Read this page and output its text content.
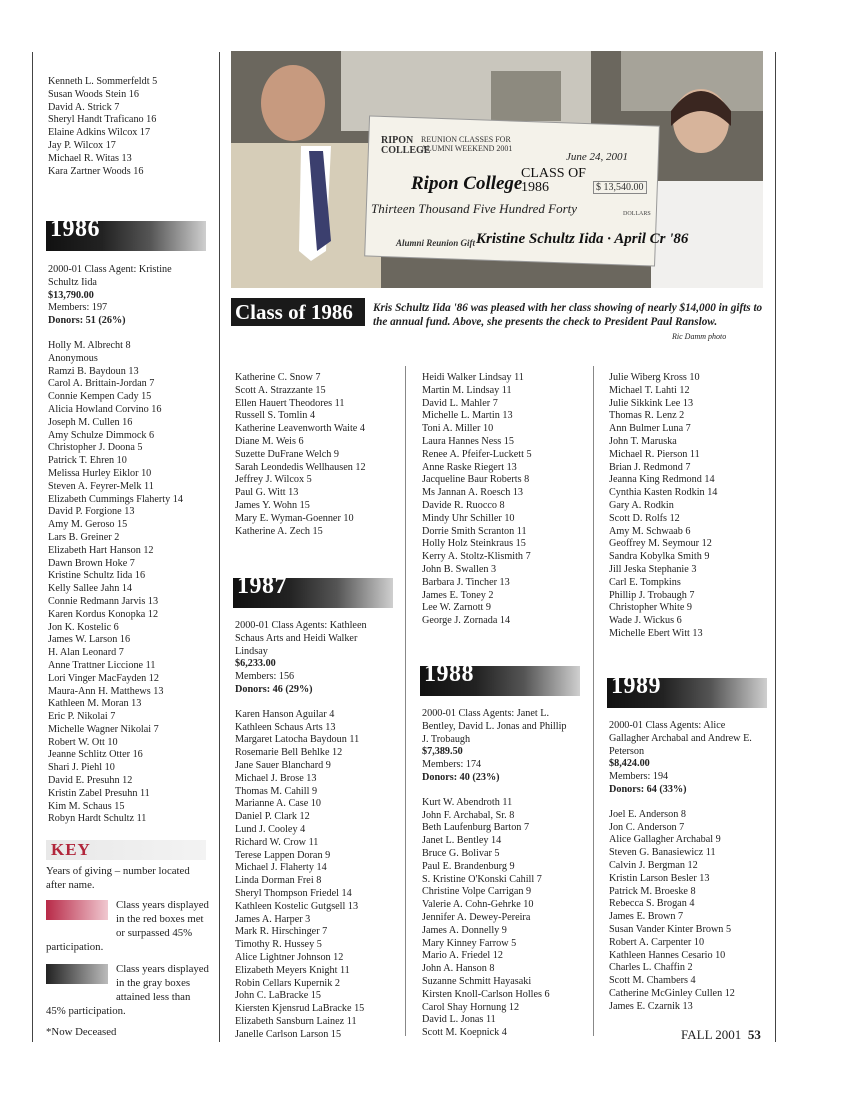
Kenneth L. Sommerfeldt 5
Susan Woods Stein 16
David A. Strick 7
Sheryl Handt Traficano 16
Elaine Adkins Wilcox 17
Jay P. Wilcox 17
Michael R. Witas 13
Kara Zartner Woods 16
1986
2000-01 Class Agent: Kristine Schultz Iida
$13,790.00
Members: 197
Donors: 51 (26%)
Holly M. Albrecht 8
Anonymous
Ramzi B. Baydoun 13
Carol A. Brittain-Jordan 7
Connie Kempen Cady 15
Alicia Howland Corvino 16
Joseph M. Cullen 16
Amy Schulze Dimmock 6
Christopher J. Doona 5
Patrick T. Ehren 10
Melissa Hurley Eiklor 10
Steven A. Feyrer-Melk 11
Elizabeth Cummings Flaherty 14
David P. Forgione 13
Amy M. Geroso 15
Lars B. Greiner 2
Elizabeth Hart Hanson 12
Dawn Brown Hoke 7
Kristine Schultz Iida 16
Kelly Sallee Jahn 14
Connie Redmann Jarvis 13
Karen Kordus Konopka 12
Jon K. Kostelic 6
James W. Larson 16
H. Alan Leonard 7
Anne Trattner Liccione 11
Lori Vinger MacFayden 12
Maura-Ann H. Matthews 13
Kathleen M. Moran 13
Eric P. Nikolai 7
Michelle Wagner Nikolai 7
Robert W. Ott 10
Jeanne Schlitz Otter 16
Shari J. Piehl 10
David E. Presuhn 12
Kristin Zabel Presuhn 11
Kim M. Schaus 15
Robyn Hardt Schultz 11
KEY
Years of giving – number located after name.
Class years displayed in the red boxes met or surpassed 45% participation.
Class years displayed in the gray boxes attained less than 45% participation.
*Now Deceased
RIPON COLLEGE
REUNION CLASSES FOR ALUMNI WEEKEND 2001
June 24, 2001
Ripon College
CLASS OF 1986	$ 13,540.00
Thirteen Thousand Five Hundred Forty	DOLLARS
Alumni Reunion Gift Kristine Schultz Iida · April Cr '86
Kris Schultz Iida '86 was pleased with her class showing of nearly $14,000 in gifts to the annual fund. Above, she presents the check to President Paul Ranslow.
Class of 1986
Ric Damm photo
Katherine C. Snow 7
Scott A. Strazzante 15
Ellen Hauert Theodores 11
Russell S. Tomlin 4
Katherine Leavenworth Waite 4
Diane M. Weis 6
Suzette DuFrane Welch 9
Sarah Leondedis Wellhausen 12
Jeffrey J. Wilcox 5
Paul G. Witt 13
James Y. Wohn 15
Mary E. Wyman-Goenner 10
Katherine A. Zech 15
1987
2000-01 Class Agents: Kathleen Schaus Arts and Heidi Walker Lindsay
$6,233.00
Members: 156
Donors: 46 (29%)
Karen Hanson Aguilar 4
Kathleen Schaus Arts 13
Margaret Latocha Baydoun 11
Rosemarie Bell Behlke 12
Jane Sauer Blanchard 9
Michael J. Brose 13
Thomas M. Cahill 9
Marianne A. Case 10
Daniel P. Clark 12
Lund J. Cooley 4
Richard W. Crow 11
Terese Lappen Doran 9
Michael J. Flaherty 14
Linda Dorman Frei 8
Sheryl Thompson Friedel 14
Kathleen Kostelic Gutgsell 13
James A. Harper 3
Mark R. Hirschinger 7
Timothy R. Hussey 5
Alice Lightner Johnson 12
Elizabeth Meyers Knight 11
Robin Cellars Kupernik 2
John C. LaBracke 15
Kiersten Kjensrud LaBracke 15
Elizabeth Sansburn Lainez 11
Janelle Carlson Larson 15
Heidi Walker Lindsay 11
Martin M. Lindsay 11
David L. Mahler 7
Michelle L. Martin 13
Toni A. Miller 10
Laura Hannes Ness 15
Renee A. Pfeifer-Luckett 5
Anne Raske Riegert 13
Jacqueline Baur Roberts 8
Ms Jannan A. Roesch 13
Davide R. Ruocco 8
Mindy Uhr Schiller 10
Dorrie Smith Scranton 11
Holly Holz Steinkraus 15
Kerry A. Stoltz-Klismith 7
John B. Swallen 3
Barbara J. Tincher 13
James E. Toney 2
Lee W. Zarnott 9
George J. Zornada 14
1988
2000-01 Class Agents: Janet L. Bentley, David L. Jonas and Phillip J. Trobaugh
$7,389.50
Members: 174
Donors: 40 (23%)
Kurt W. Abendroth 11
John F. Archabal, Sr. 8
Beth Laufenburg Barton 7
Janet L. Bentley 14
Bruce G. Bolivar 5
Paul E. Brandenburg 9
S. Kristine O'Konski Cahill 7
Christine Volpe Carrigan 9
Valerie A. Cohn-Gehrke 10
Jennifer A. Dewey-Pereira
James A. Donnelly 9
Mary Kinney Farrow 5
Mario A. Friedel 12
John A. Hanson 8
Suzanne Schmitt Hayasaki
Kirsten Knoll-Carlson Holles 6
Carol Shay Hornung 12
David L. Jonas 11
Scott M. Koepnick 4
Julie Wiberg Kross 10
Michael T. Lahti 12
Julie Sikkink Lee 13
Thomas R. Lenz 2
Ann Bulmer Luna 7
John T. Maruska
Michael R. Pierson 11
Brian J. Redmond 7
Jeanna King Redmond 14
Cynthia Kasten Rodkin 14
Gary A. Rodkin
Scott D. Rolfs 12
Amy M. Schwaab 6
Geoffrey M. Seymour 12
Sandra Kobylka Smith 9
Jill Jeska Stephanie 3
Carl E. Tompkins
Phillip J. Trobaugh 7
Christopher White 9
Wade J. Wickus 6
Michelle Ebert Witt 13
1989
2000-01 Class Agents: Alice Gallagher Archabal and Andrew E. Peterson
$8,424.00
Members: 194
Donors: 64 (33%)
Joel E. Anderson 8
Jon C. Anderson 7
Alice Gallagher Archabal 9
Steven G. Banasiewicz 11
Calvin J. Bergman 12
Kristin Larson Besler 13
Patrick M. Broeske 8
Rebecca S. Brogan 4
James E. Brown 7
Susan Vander Kinter Brown 5
Robert A. Carpenter 10
Kathleen Hannes Cesario 10
Charles L. Chaffin 2
Scott M. Chambers 4
Catherine McGinley Cullen 12
James E. Czarnik 13
FALL 2001 53
